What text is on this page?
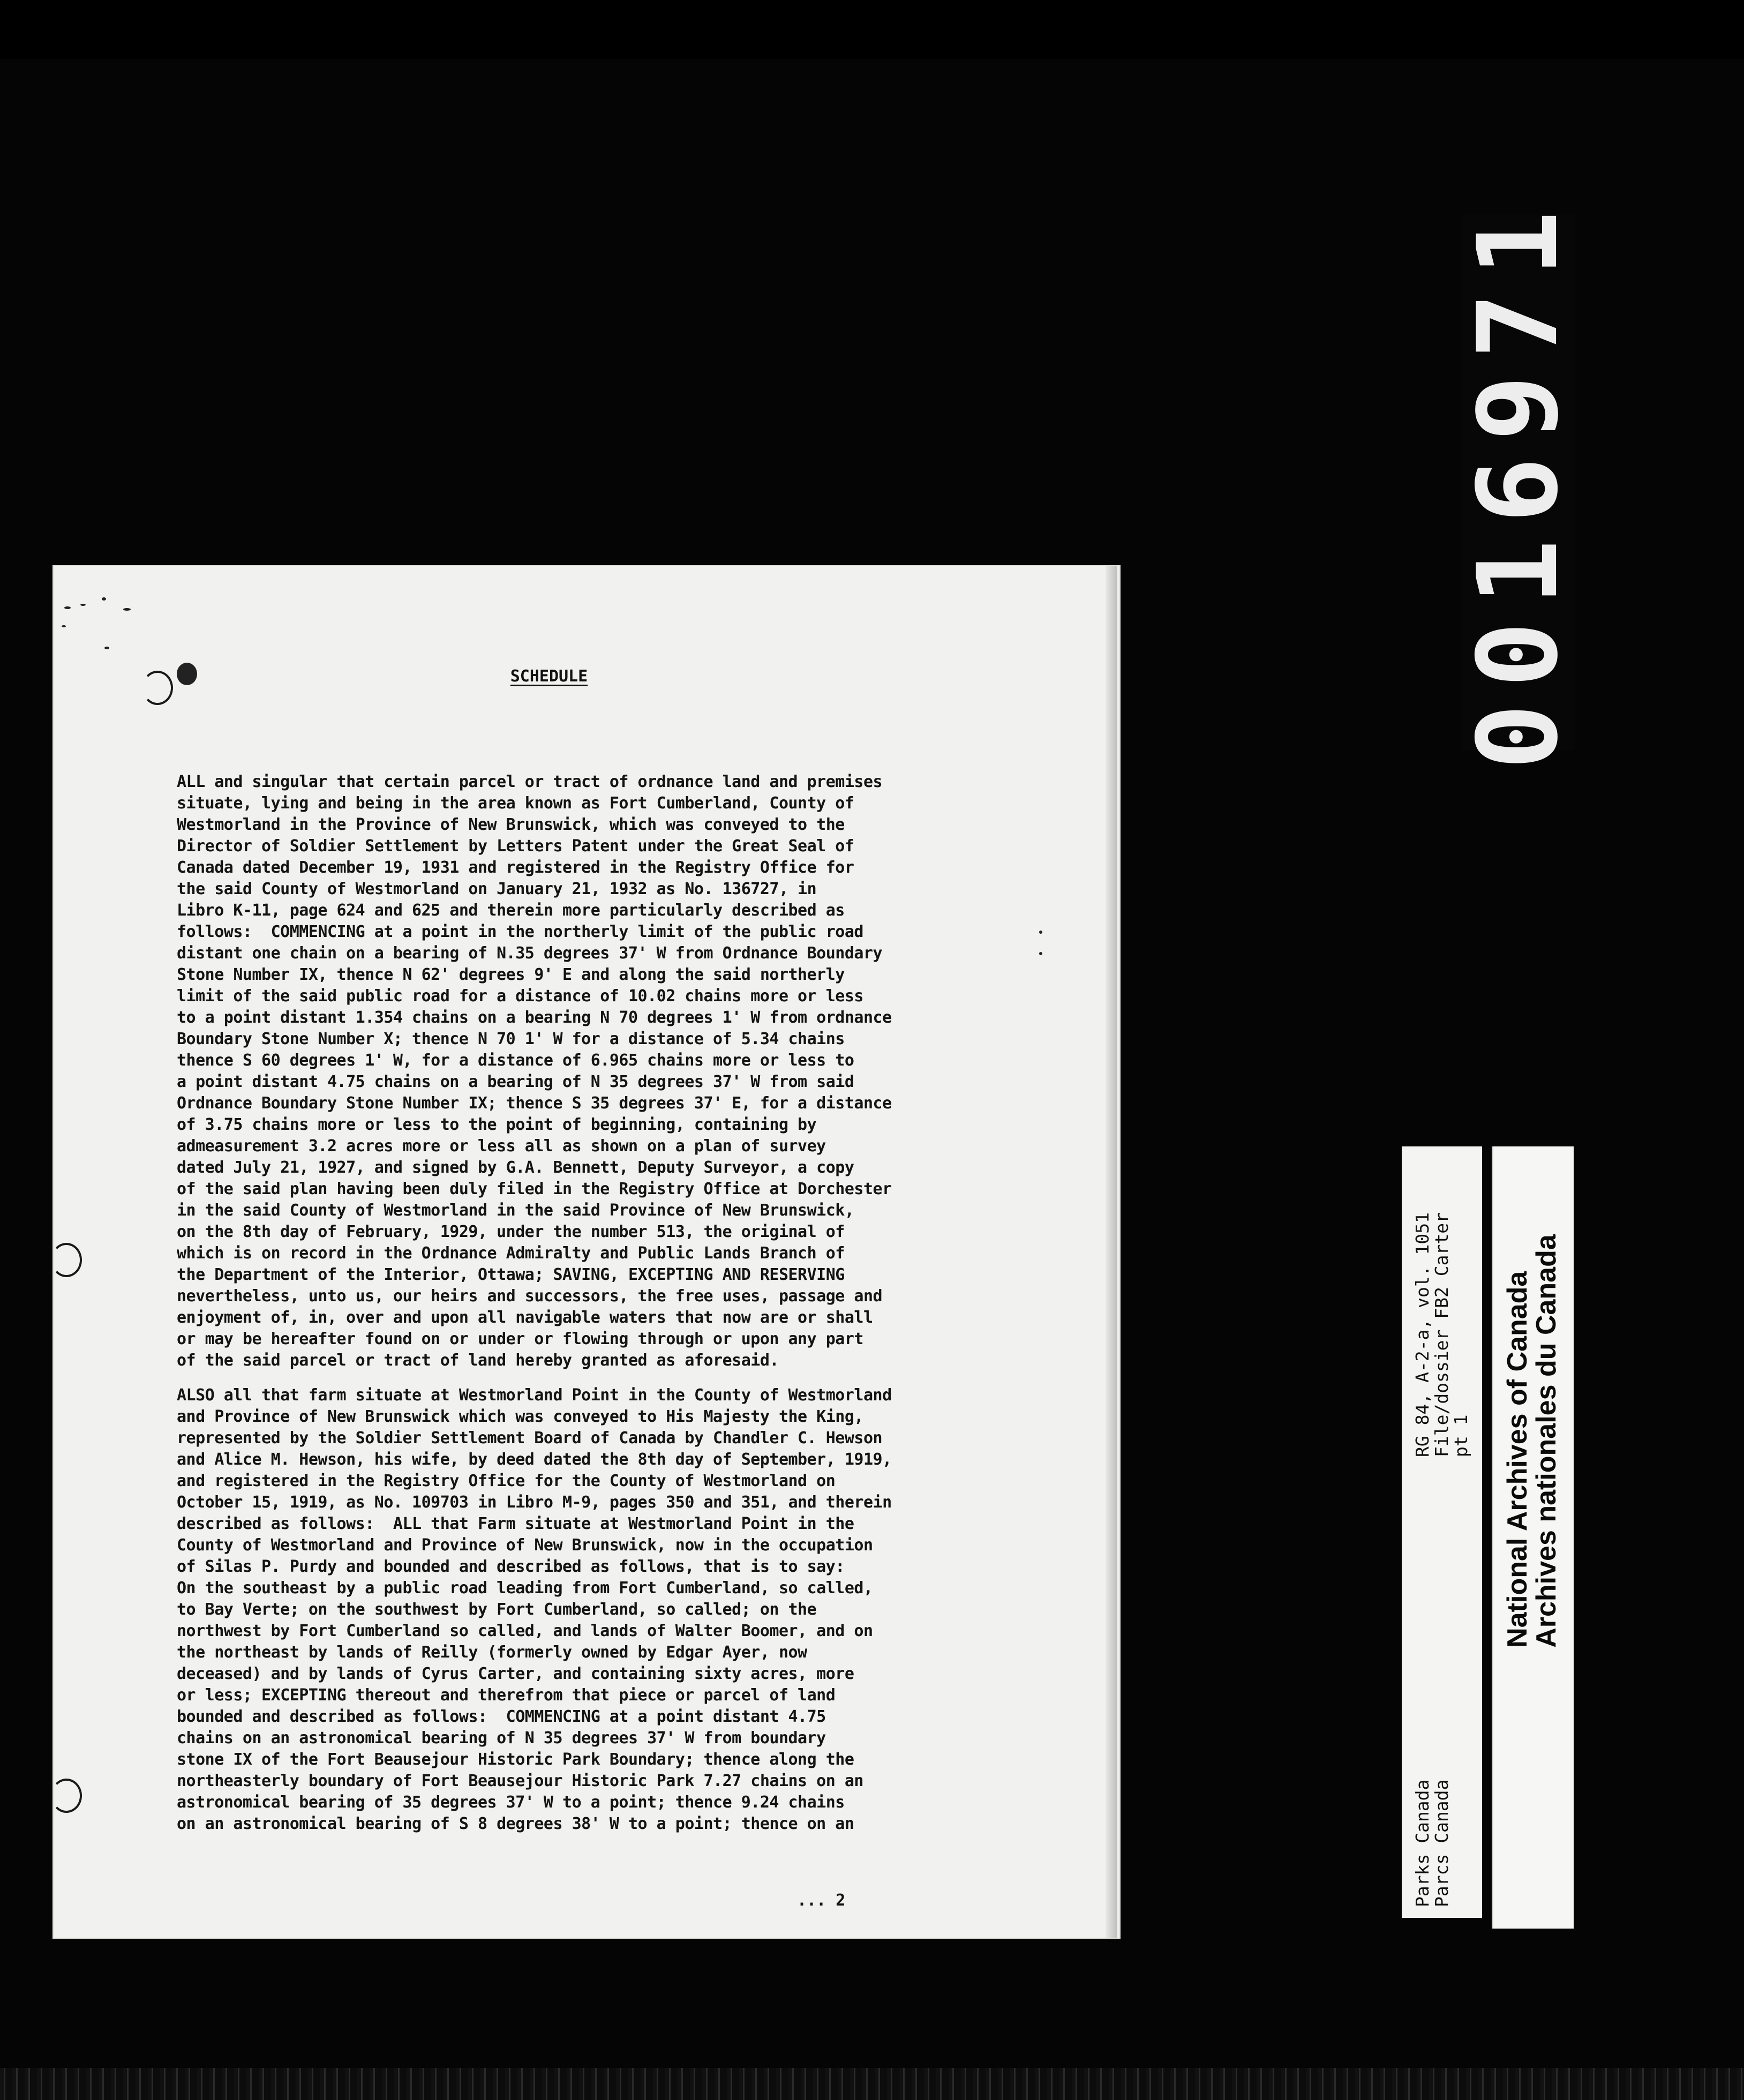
SCHEDULE
ALL and singular that certain parcel or tract of ordnance land and premises
situate, lying and being in the area known as Fort Cumberland, County of
Westmorland in the Province of New Brunswick, which was conveyed to the
Director of Soldier Settlement by Letters Patent under the Great Seal of
Canada dated December 19, 1931 and registered in the Registry Office for
the said County of Westmorland on January 21, 1932 as No. 136727, in
Libro K-11, page 624 and 625 and therein more particularly described as
follows:  COMMENCING at a point in the northerly limit of the public road
distant one chain on a bearing of N.35 degrees 37' W from Ordnance Boundary
Stone Number IX, thence N 62' degrees 9' E and along the said northerly
limit of the said public road for a distance of 10.02 chains more or less
to a point distant 1.354 chains on a bearing N 70 degrees 1' W from ordnance
Boundary Stone Number X; thence N 70 1' W for a distance of 5.34 chains
thence S 60 degrees 1' W, for a distance of 6.965 chains more or less to
a point distant 4.75 chains on a bearing of N 35 degrees 37' W from said
Ordnance Boundary Stone Number IX; thence S 35 degrees 37' E, for a distance
of 3.75 chains more or less to the point of beginning, containing by
admeasurement 3.2 acres more or less all as shown on a plan of survey
dated July 21, 1927, and signed by G.A. Bennett, Deputy Surveyor, a copy
of the said plan having been duly filed in the Registry Office at Dorchester
in the said County of Westmorland in the said Province of New Brunswick,
on the 8th day of February, 1929, under the number 513, the original of
which is on record in the Ordnance Admiralty and Public Lands Branch of
the Department of the Interior, Ottawa; SAVING, EXCEPTING AND RESERVING
nevertheless, unto us, our heirs and successors, the free uses, passage and
enjoyment of, in, over and upon all navigable waters that now are or shall
or may be hereafter found on or under or flowing through or upon any part
of the said parcel or tract of land hereby granted as aforesaid.
ALSO all that farm situate at Westmorland Point in the County of Westmorland
and Province of New Brunswick which was conveyed to His Majesty the King,
represented by the Soldier Settlement Board of Canada by Chandler C. Hewson
and Alice M. Hewson, his wife, by deed dated the 8th day of September, 1919,
and registered in the Registry Office for the County of Westmorland on
October 15, 1919, as No. 109703 in Libro M-9, pages 350 and 351, and therein
described as follows:  ALL that Farm situate at Westmorland Point in the
County of Westmorland and Province of New Brunswick, now in the occupation
of Silas P. Purdy and bounded and described as follows, that is to say:
On the southeast by a public road leading from Fort Cumberland, so called,
to Bay Verte; on the southwest by Fort Cumberland, so called; on the
northwest by Fort Cumberland so called, and lands of Walter Boomer, and on
the northeast by lands of Reilly (formerly owned by Edgar Ayer, now
deceased) and by lands of Cyrus Carter, and containing sixty acres, more
or less; EXCEPTING thereout and therefrom that piece or parcel of land
bounded and described as follows:  COMMENCING at a point distant 4.75
chains on an astronomical bearing of N 35 degrees 37' W from boundary
stone IX of the Fort Beausejour Historic Park Boundary; thence along the
northeasterly boundary of Fort Beausejour Historic Park 7.27 chains on an
astronomical bearing of 35 degrees 37' W to a point; thence 9.24 chains
on an astronomical bearing of S 8 degrees 38' W to a point; thence on an
... 2
0016971
Parks Canada
Parcs Canada
RG 84, A-2-a, vol. 1051
File/dossier FB2 Carter
pt 1 National Archives of Canada
Archives nationales du Canada
